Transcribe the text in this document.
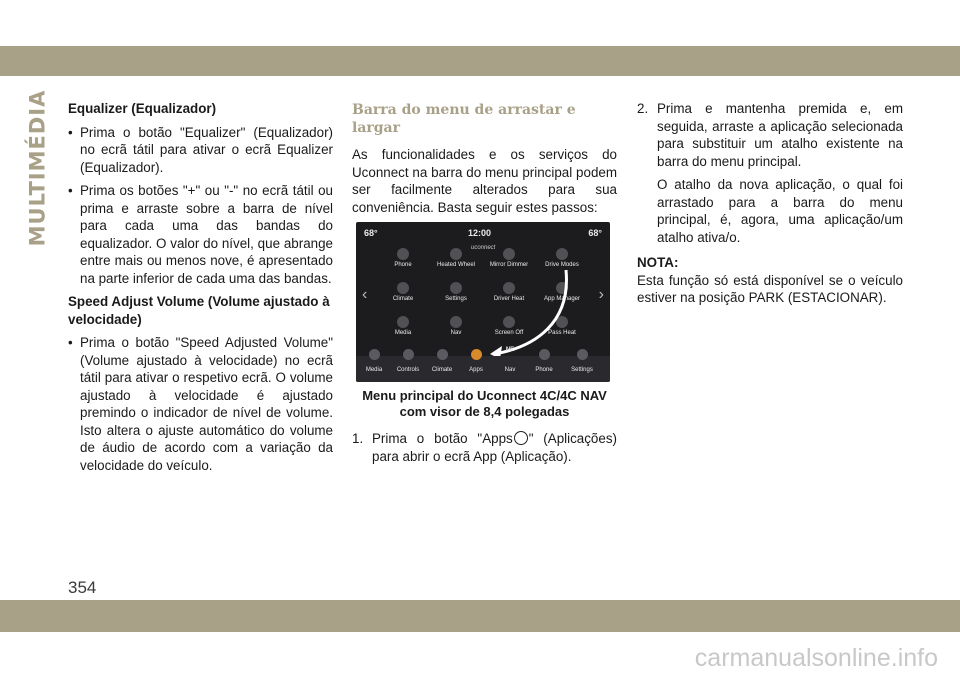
MULTIMÉDIA Equalizer (Equalizador)
• Prima o botão "Equalizer" (Equalizador) no ecrã tátil para ativar o ecrã Equalizer (Equalizador).
• Prima os botões "+" ou "-" no ecrã tátil ou prima e arraste sobre a barra de nível para cada uma das bandas do equalizador. O valor do nível, que abrange entre mais ou menos nove, é apresentado na parte inferior de cada uma das bandas.
Speed Adjust Volume (Volume ajustado à velocidade)
• Prima o botão "Speed Adjusted Volume" (Volume ajustado à velocidade) no ecrã tátil para ativar o respetivo ecrã. O volume ajustado à velocidade é ajustado premindo o indicador de nível de volume. Isto altera o ajuste automático do volume de áudio de acordo com a variação da velocidade do veículo.
Barra do menu de arrastar e largar

As funcionalidades e os serviços do Uconnect na barra do menu principal podem ser facilmente alterados para sua conveniência. Basta seguir estes passos:

68°	12:00	68°
uconnect
‹	›
Phone	Heated Wheel	Mirror Dimmer	Drive Modes
Climate	Settings	Driver Heat	App Manager
Media	Nav	Screen Off	Pass Heat
Media	Controls	Climate	Apps
NE
Nav	Phone	Settings
Menu principal do Uconnect 4C/4C NAV com visor de 8,4 polegadas
1. Prima o botão "Apps " (Aplicações) para abrir o ecrã App (Aplicação).
2. Prima e mantenha premida e, em seguida, arraste a aplicação selecionada para substituir um atalho existente na barra do menu principal.

O atalho da nova aplicação, o qual foi arrastado para a barra do menu principal, é, agora, uma aplicação/um atalho ativa/o.

NOTA:

Esta função só está disponível se o veículo estiver na posição PARK (ESTACIONAR).

354
carmanualsonline.info
